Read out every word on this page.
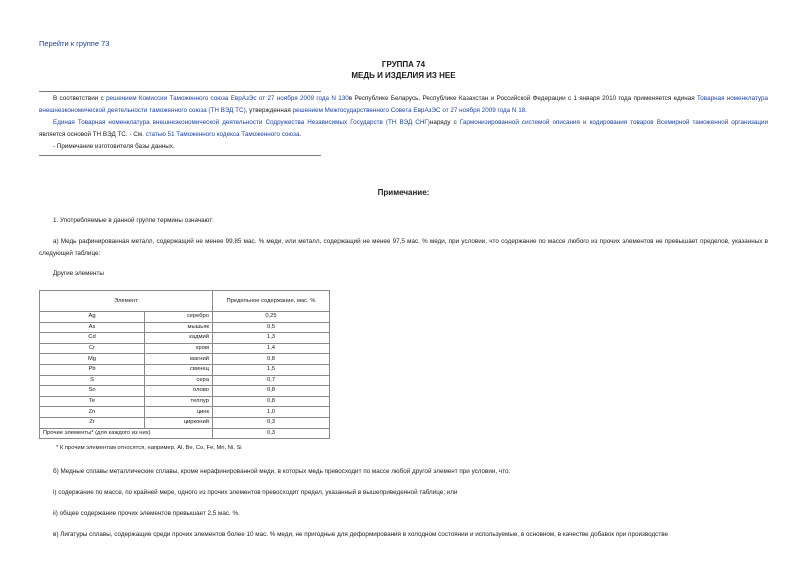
Перейти к группе 73
ГРУППА 74
МЕДЬ И ИЗДЕЛИЯ ИЗ НЕЕ

В соответствии с решением Комиссии Таможенного союза ЕврАзЭс от 27 ноября 2009 года N 130в Республике Беларусь, Республике Казахстан и Российской Федерации с 1 января 2010 года применяется единая Товарная номенклатура внешнеэкономической деятельности таможенного союза (ТН ВЭД ТС), утвержденная решением Межгосударственного Совета ЕврАзЭС от 27 ноября 2009 года N 18.

Единая Товарная номенклатура внешнеэкономической деятельности Содружества Независимых Государств (ТН ВЭД СНГ)наряду с Гармонизированной системой описания и кодирования товаров Всемирной таможенной организации является основой ТН ВЭД ТС. - См. статью 51 Таможенного кодекса Таможенного союза.

- Примечание изготовителя базы данных.

Примечание:
1. Употребляемые в данной группе термины означают:

а) Медь рафинированная металл, содержащий не менее 99,85 мас. % меди, или металл, содержащий не менее 97,5 мас. % меди, при условии, что содержание по массе любого из прочих элементов не превышает пределов, указанных в следующей таблице:

Другие элементы
Элемент		Предельное содержание, мас. %
Ag	серебро	0,25
As	мышьяк	0,5
Cd	кадмий	1,3
Cr	хром	1,4
Mg	магний	0,8
Pb	свинец	1,5
S	сера	0,7
Sn	олово	0,8
Te	теллур	0,8
Zn	цинк	1,0
Zr	цирконий	0,3
Прочие элементы* (для каждого из них)		0,3
* К прочим элементам относятся, например, Al, Be, Co, Fe, Mn, Ni, Si
б) Медные сплавы металлические сплавы, кроме нерафинированной меди, в которых медь превосходит по массе любой другой элемент при условии, что:
i) содержание по массе, по крайней мере, одного из прочих элементов превосходит предел, указанный в вышеприведенной таблице; или
ii) общее содержание прочих элементов превышает 2,5 мас. %.
в) Лигатуры сплавы, содержащие среди прочих элементов более 10 мас. % меди, не пригодные для деформирования в холодном состоянии и используемые, в основном, в качестве добавок при производстве
